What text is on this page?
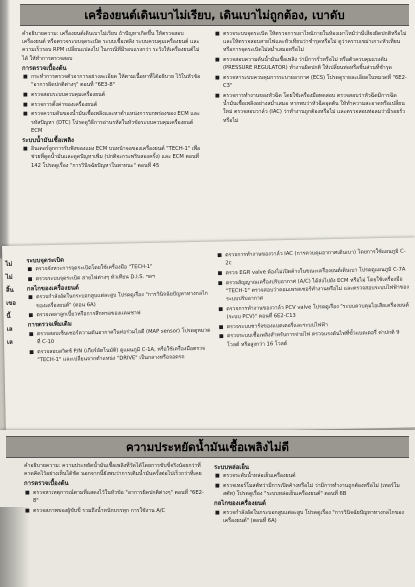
เครื่องยนต์เดินเบาไม่เรียบ, เดินเบาไม่ถูกต้อง, เบาดับ

คำอธิบายความ: เครื่องยนต์เดินเบาไม่เรียบ ถ้าปัญหาเกิดขึ้น ให้ตรวจสอบเครื่องยนต์ หรือตรวจระบบจุดระเบิด ระบบเชื้อเพลิง ระบบควบคุมเครื่องยนต์ และความเร็วรอบ RPM เปลี่ยนแปลงไป ในกรณีที่มีรอบแรงกว่า ระวังให้เครื่องยนต์ไม่ได้ ให้ทำการตรวจสอบ

การตรวจเบื้องต้น
■ กระทำการตรวจตัวอาการอย่างละเอียด ให้ตามเนื้อหาที่ได้อธิบาย ไว้ในหัวข้อ "อาการผิดปกติต่างๆ" ตอนที่ "6E3-8"
■ ตรวจสอบระบบควบคุมเครื่องยนต์
■ ตรวจการตั้งค่าของเครื่องยนต์
■ ตรวจความดันของน้ำมันเชื้อเพลิงและหาตำแหน่งการบกพร่องของ ECM และรหัสปัญหา (DTC) โปรดดูวิธีการอ่านรหัสในหัวข้อระบบควบคุมเครื่องยนต์ ECM
ระบบน้ำมันเชื้อเพลิง
■ อินเตอร์ลูกการรับฟังของแผง ECM บนหน้าจอของเครื่องยนต์ "TECH-1" เพื่อช่วยที่ดูดน้ำมันและดูดปัญหาเพิ่ม (ปกติจะกระพริบสองครั้ง) และ ECM ตอนที่ 142 โปรดดูเรื่อง "การวินิจฉัยปัญหาในพาหนะ" ตอนที่ 45
■ ตรวจระบบจุดระเบิด ให้ตรวจการเผาไหม้ภายในห้องเผาไหม้ว่ามีเสียงผิดปกติหรือไม่ และให้ตรวจสอบสายไฟและหัวเทียนว่าชำรุดหรือไม่ ดูว่าคราบเขม่าเกาะหัวเทียน หรือการจุดระเบิดไม่สม่ำเสมอหรือไม่
■ ตรวจสอบความดันน้ำมันเชื้อเพลิง ว่ามีการรั่วหรือไม่ หรือตัวควบคุมแรงดัน (PRESSURE REGULATOR) ทำงานผิดปกติ ให้เปลี่ยนท่อหรือชิ้นส่วนที่ชำรุด
■ ตรวจหาระบบควบคุมการระบายอากาศ (ECS) โปรดดูรายละเอียดในหมวดที่ "6E2-C3"
■ ตรวจการทำงานของหัวฉีด โดยใช้เครื่องมือทดสอบ ตรวจสอบว่าหัวฉีดมีการฉีดน้ำมันเชื้อเพลิงอย่างสม่ำเสมอ หากพบว่าหัวฉีดอุดตัน ให้ทำความสะอาดหรือเปลี่ยนใหม่ ตรวจสอบวาล์ว (IAC) ว่าทำงานถูกต้องหรือไม่ และตรวจสอบท่อลมว่ามีรอยรั่วหรือไม่
ไม่
ไม่
สิ้น
เขอ
นี้
เล
เล
ระบบจุดระเบิด
■ ตรวจจังหวะการจุดระเบิดโดยใช้เครื่องมือ "TECH-1"
■ ตรวจระบบจุดระเบิด สายไฟต่างๆ หัวเทียน D.I.S. ฯลฯ
กลไกของเครื่องยนต์
■ ตรวจกำลังอัดในกระบอกสูบแต่ละสูบ โปรดดูเรื่อง "การวินิจฉัยปัญหาทางกลไกของเครื่องยนต์" (ตอน 6A)
■ ตรวจเพลาลูกเบี้ยวหรือการสึกหรอของแคมชาฟ
การตรวจเพิ่มเติม
■ ตรวจสอบเซ็นเซอร์ความดันอากาศในท่อร่วมไอดี (MAP sensor) โปรดดูหมวดที่ C-10
■ ตรวจสอบสวิตช์ P/N (เกียร์อัตโนมัติ) ดูแผนภูมิ C-1A, หรือใช้เครื่องมือตรวจ "TECH-1" และเปลี่ยนจากตำแหน่ง "DRIVE" เป็นกลางหรือจอดรถ
■ ตรวจการทำงานของวาล์ว IAC (การควบคุมอากาศเดินเบา) โดยการใช้แผนภูมิ C-2c
■ ตรวจ EGR valve ต้องไม่เปิดค้างในขณะเครื่องยนต์เดินเบา โปรดดูแผนภูมิ C-7A
■ ตรวจสัญญาณเครื่องปรับอากาศ (A/C) ได้ส่งไปยัง ECM หรือไม่ โดยใช้เครื่องมือ "TECH-1" ตรวจสอบว่าคอมเพรสเซอร์ทำงานหรือไม่ และตรวจสอบระบบไฟฟ้าของระบบปรับอากาศ
■ ตรวจการทำงานของวาล์ว PCV valve โปรดดูเรื่อง "ระบบควบคุมไอเสียเครื่องยนต์ (ระบบ PCV)" ตอนที่ 6E2-C13
■ ตรวจระบบชาร์จของแบตเตอรี่และระบบไฟฟ้า
■ ตรวจระบบเชื้อเพลิงสำหรับการจ่ายไฟ ตรวจแรงดันไฟที่ขั้วแบตเตอรี่ ค่าปกติ 9 โวลต์ หรือสูงกว่า 16 โวลต์
ความประหยัดน้ำมันเชื้อเพลิงไม่ดี

คำอธิบายความ: ความประหยัดน้ำมันเชื้อเพลิงที่วัดได้โดยการขับขี่จริงน้อยกว่าที่คาดคิดไว้อย่างเห็นได้ชัด นอกจากนี้ยังพบว่าการเติมน้ำมันครั้งต่อไปเร็วกว่าที่เคย

การตรวจเบื้องต้น
■ ตรวจหาเหตุการณ์ตามที่แสดงไว้ในหัวข้อ "อาการผิดปกติต่างๆ" ตอนที่ "6E2-8"
■ ตรวจสภาพของผู้ขับขี่ รวมถึงน้ำหนักบรรทุก การใช้งาน A/C
ระบบหล่อเย็น
■ ตรวจระดับน้ำหล่อเย็นเครื่องยนต์
■ ตรวจเทอร์โมสตัทว่ามีการเปิดค้างหรือไม่ ว่ามีการทำงานถูกต้องหรือไม่ (เทอร์โมสตัท) โปรดดูเรื่อง "ระบบหล่อเย็นเครื่องยนต์" ตอนที่ 6B
กลไกของเครื่องยนต์
■ ตรวจกำลังอัดในกระบอกสูบแต่ละสูบ โปรดดูเรื่อง "การวินิจฉัยปัญหาทางกลไกของเครื่องยนต์" (ตอนที่ 6A)
